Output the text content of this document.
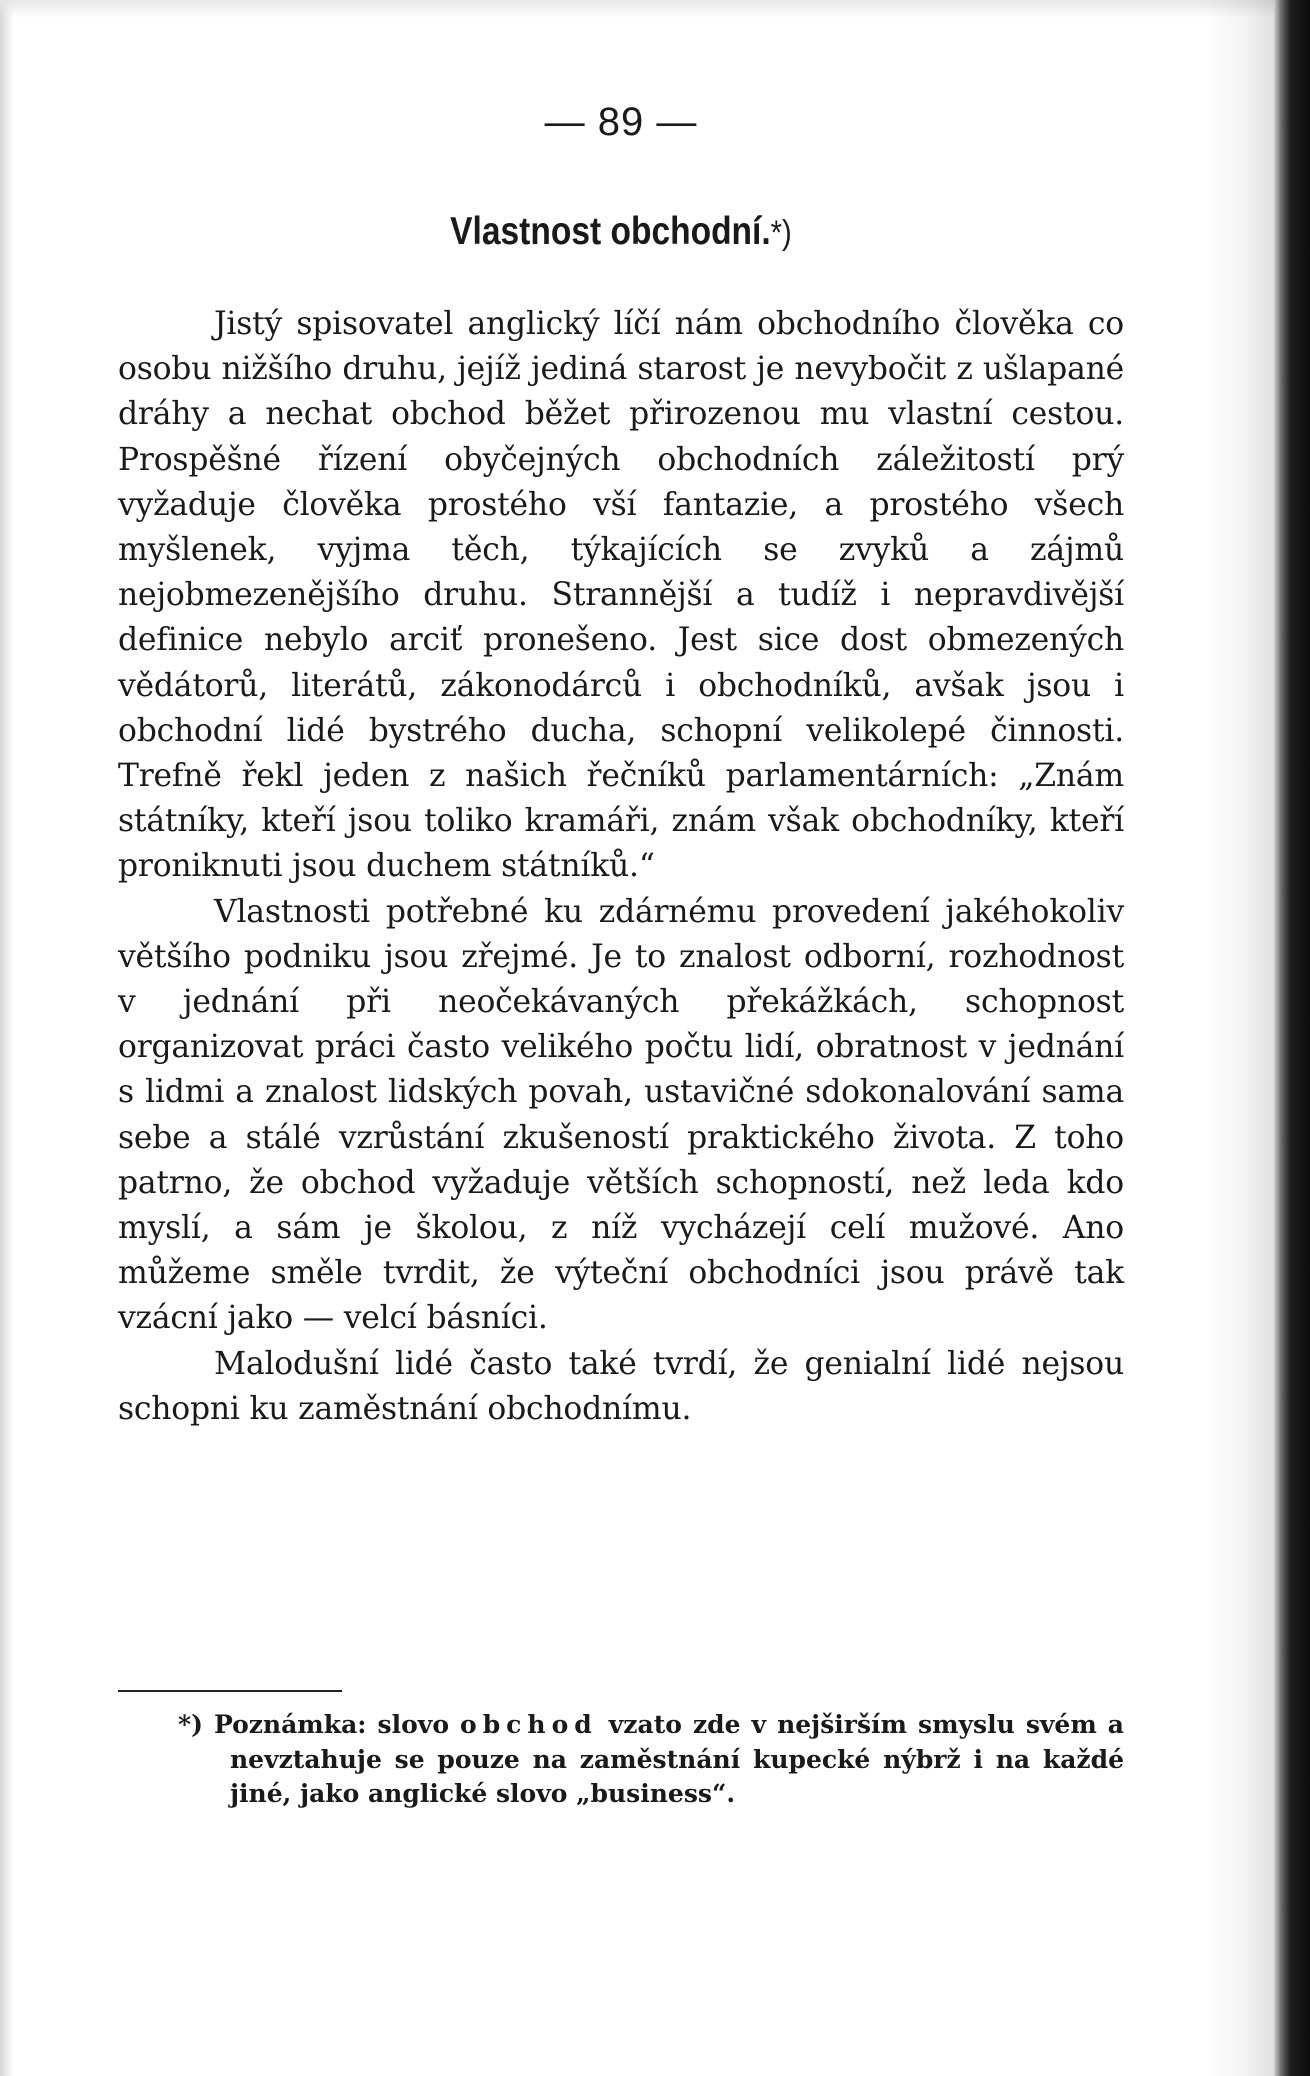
— 89 —
Vlastnost obchodní.*)

Jistý spisovatel anglický líčí nám obchodního člověka co osobu nižšího druhu, jejíž jediná starost je nevybočit z ušlapané dráhy a nechat obchod běžet přirozenou mu vlastní cestou. Prospěšné řízení obyčejných obchodních záležitostí prý vyžaduje člověka prostého vší fantazie, a prostého všech myšlenek, vyjma těch, týkajících se zvyků a zájmů nejobmezenějšího druhu. Strannější a tudíž i nepravdivější definice nebylo arciť pronešeno. Jest sice dost obmezených vědátorů, literátů, zákonodárců i obchodníků, avšak jsou i obchodní lidé bystrého ducha, schopní velikolepé činnosti. Trefně řekl jeden z našich řečníků parlamentárních: „Znám státníky, kteří jsou toliko kramáři, znám však obchodníky, kteří proniknuti jsou duchem státníků.“

Vlastnosti potřebné ku zdárnému provedení jakéhokoliv většího podniku jsou zřejmé. Je to znalost odborní, rozhodnost v jednání při neočekávaných překážkách, schopnost organizovat práci často velikého počtu lidí, obratnost v jednání s lidmi a znalost lidských povah, ustavičné sdokonalování sama sebe a stálé vzrůstání zkušeností praktického života. Z toho patrno, že obchod vyžaduje větších schopností, než leda kdo myslí, a sám je školou, z níž vycházejí celí mužové. Ano můžeme směle tvrdit, že výteční obchodníci jsou právě tak vzácní jako — velcí básníci.

Malodušní lidé často také tvrdí, že genialní lidé nejsou schopni ku zaměstnání obchodnímu.

*) Poznámka: slovo obchod vzato zde v nejširším smyslu svém a nevztahuje se pouze na zaměstnání kupecké nýbrž i na každé jiné, jako anglické slovo „business“.
